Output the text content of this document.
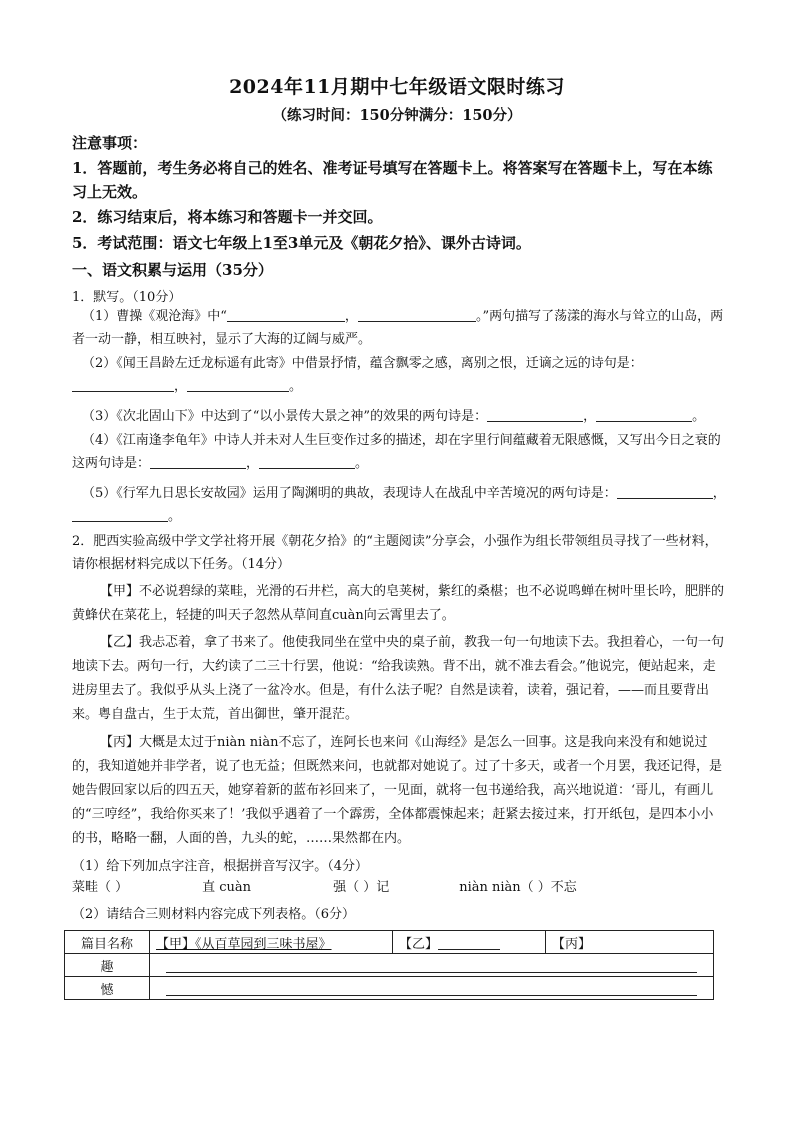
2024年11月期中七年级语文限时练习
（练习时间：150分钟满分：150分）
注意事项：
1．答题前，考生务必将自己的姓名、准考证号填写在答题卡上。将答案写在答题卡上，写在本练习上无效。
2．练习结束后，将本练习和答题卡一并交回。
5．考试范围：语文七年级上1至3单元及《朝花夕拾》、课外古诗词。
一、语文积累与运用（35分）
1．默写。（10分）
（1）曹操《观沧海》中“	，	。”两句描写了荡漾的海水与耸立的山岛，两者一动一静，相互映衬，显示了大海的辽阔与威严。
（2）《闻王昌龄左迁龙标遥有此寄》中借景抒情，蕴含飘零之感，离别之恨，迁谪之远的诗句是：
，	。
（3）《次北固山下》中达到了“以小景传大景之神”的效果的两句诗是：	，	。
（4）《江南逢李龟年》中诗人并未对人生巨变作过多的描述，却在字里行间蕴藏着无限感慨，又写出今日之衰的这两句诗是：	，	。
（5）《行军九日思长安故园》运用了陶渊明的典故，表现诗人在战乱中辛苦境况的两句诗是：	，
。
2．肥西实验高级中学文学社将开展《朝花夕拾》的“主题阅读”分享会，小强作为组长带领组员寻找了一些材料，请你根据材料完成以下任务。（14分）
【甲】不必说碧绿的菜畦，光滑的石井栏，高大的皂荚树，紫红的桑椹；也不必说鸣蝉在树叶里长吟，肥胖的黄蜂伏在菜花上，轻捷的叫天子忽然从草间直cuàn向云霄里去了。
【乙】我忐忑着，拿了书来了。他使我同坐在堂中央的桌子前，教我一句一句地读下去。我担着心，一句一句地读下去。两句一行，大约读了二三十行罢，他说：“给我读熟。背不出，就不准去看会。”他说完，便站起来，走进房里去了。我似乎从头上浇了一盆冷水。但是，有什么法子呢？自然是读着，读着，强记着，——而且要背出来。粤自盘古，生于太荒，首出御世，肇开混茫。
【丙】大概是太过于niàn niàn不忘了，连阿长也来问《山海经》是怎么一回事。这是我向来没有和她说过的，我知道她并非学者，说了也无益；但既然来问，也就都对她说了。过了十多天，或者一个月罢，我还记得，是她告假回家以后的四五天，她穿着新的蓝布衫回来了，一见面，就将一包书递给我，高兴地说道：‘哥儿，有画儿的“三哼经”，我给你买来了！’我似乎遇着了一个霹雳，全体都震悚起来；赶紧去接过来，打开纸包，是四本小小的书，略略一翻，人面的兽，九头的蛇，……果然都在内。
（1）给下列加点字注音，根据拼音写汉字。（4分）
菜畦（ ）	直 cuàn	强（ ）记	niàn niàn（ ）不忘
（2）请结合三则材料内容完成下列表格。（6分）
篇目名称	【甲】《从百草园到三味书屋》	【乙】	【丙】
趣			

憾			
